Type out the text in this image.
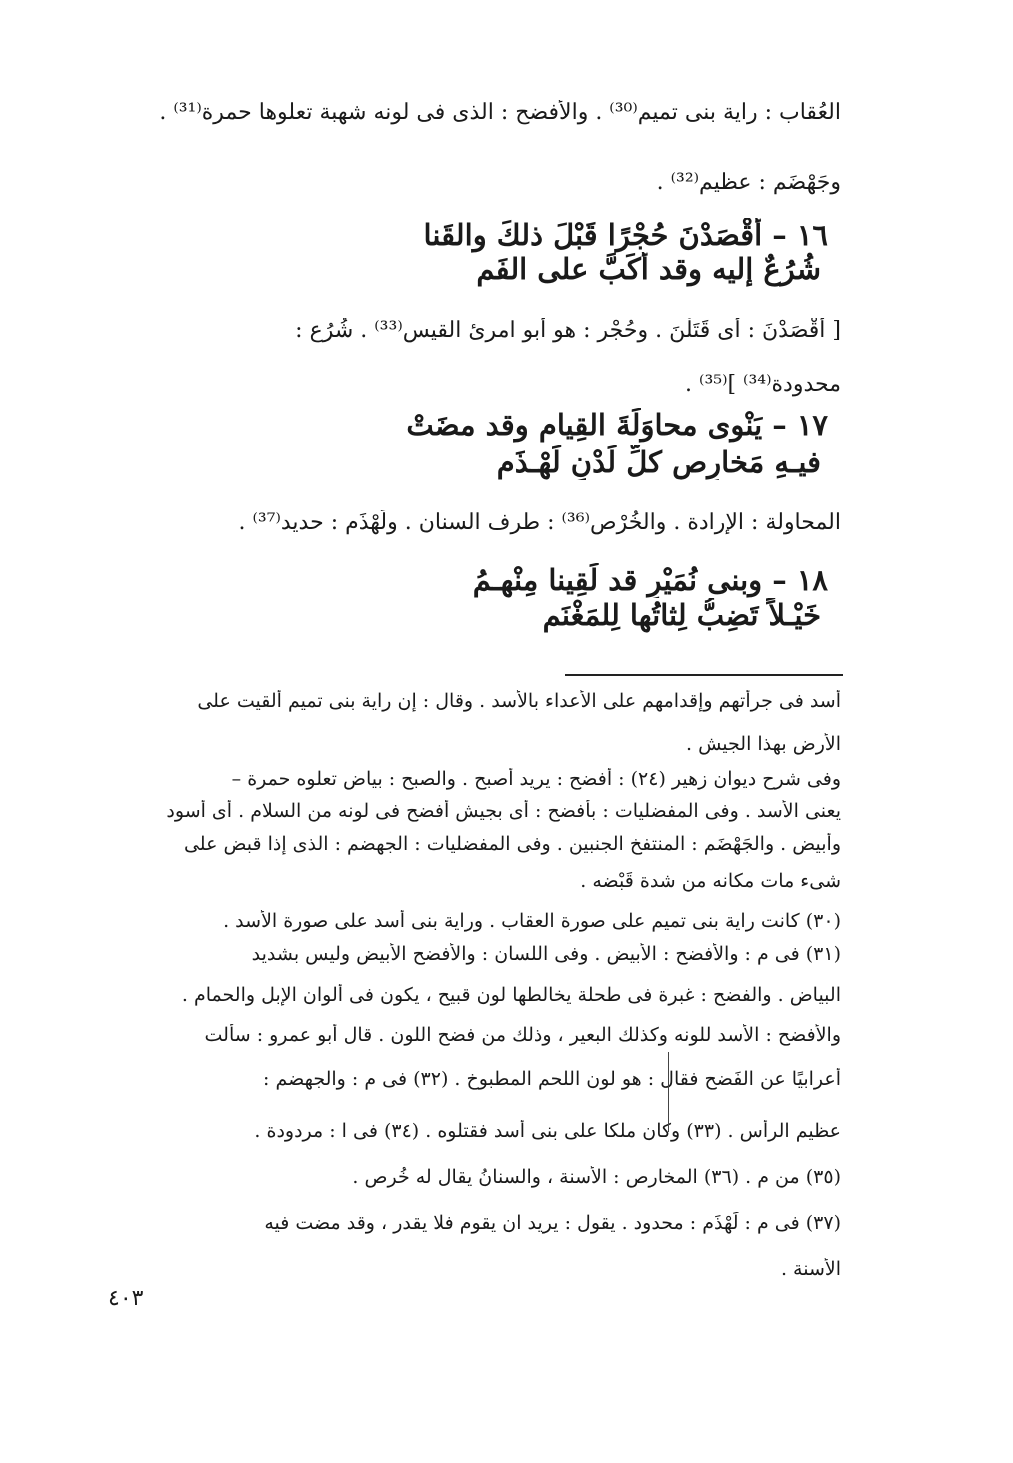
العُقاب : راية بنى تميم⁽³⁰⁾ . والأفضح : الذى فى لونه شهبة تعلوها حمرة⁽³¹⁾ .
وجَهْضَم : عظيم⁽³²⁾ .
١٦ – أَقْصَدْنَ حُجْرًا قَبْلَ ذلكَ والقَنا
شُرُعٌ إليه وقد أَكَبَّ على الفَمِ
[ أَقْصَدْنَ : أى قَتَلْنَ . وحُجْر : هو أبو امرئ القيس⁽³³⁾ . شُرُع :
محدودة⁽³⁴⁾ ]⁽³⁵⁾ .
١٧ – يَنْوى محاوَلَةَ القِيام وقد مضَتْ
فيـهِ مَخارِص كلِّ لَدْنٍ لَهْـذَمِ
المحاولة : الإرادة . والخُرْص⁽³⁶⁾ : طرف السنان . ولَهْذَم : حديد⁽³⁷⁾ .
١٨ – وبنى نُمَيْرٍ قد لَقِينا مِنْهـمُ
خَيْـلاً تَضِبُّ لِثاتُها لِلمَغْنَمِ
أسد فى جرأتهم وإقدامهم على الأعداء بالأسد . وقال : إن راية بنى تميم ألقيت على
الأرض بهذا الجيش .
وفى شرح ديوان زهير (٢٤) : أفضح : يريد أصبح . والصبح : بياض تعلوه حمرة –
يعنى الأسد . وفى المفضليات : بأفضح : أى بجيش أفضح فى لونه من السلام . أى أسود
وأبيض . والجَهْضَم : المنتفخ الجنبين . وفى المفضليات : الجهضم : الذى إذا قبض على
شىء مات مكانه من شدة قَبْضه .
(٣٠) كانت راية بنى تميم على صورة العقاب . وراية بنى أسد على صورة الأسد .
(٣١) فى م : والأفضح : الأبيض . وفى اللسان : والأفضح الأبيض وليس بشديد
البياض . والفضح : غبرة فى طحلة يخالطها لون قبيح ، يكون فى ألوان الإبل والحمام .
والأفضح : الأسد للونه وكذلك البعير ، وذلك من فضح اللون . قال أبو عمرو : سألت
أعرابيًا عن الفَضح فقال : هو لون اللحم المطبوخ . (٣٢) فى م : والجهضم :
عظيم الرأس . (٣٣) وكان ملكا على بنى أسد فقتلوه . (٣٤) فى ا : مردودة .
(٣٥) من م . (٣٦) المخارص : الأسنة ، والسنانُ يقال له خُرص .
(٣٧) فى م : لَهْذَم : محدود . يقول : يريد ان يقوم فلا يقدر ، وقد مضت فيه
الأسنة .
٤٠٣
